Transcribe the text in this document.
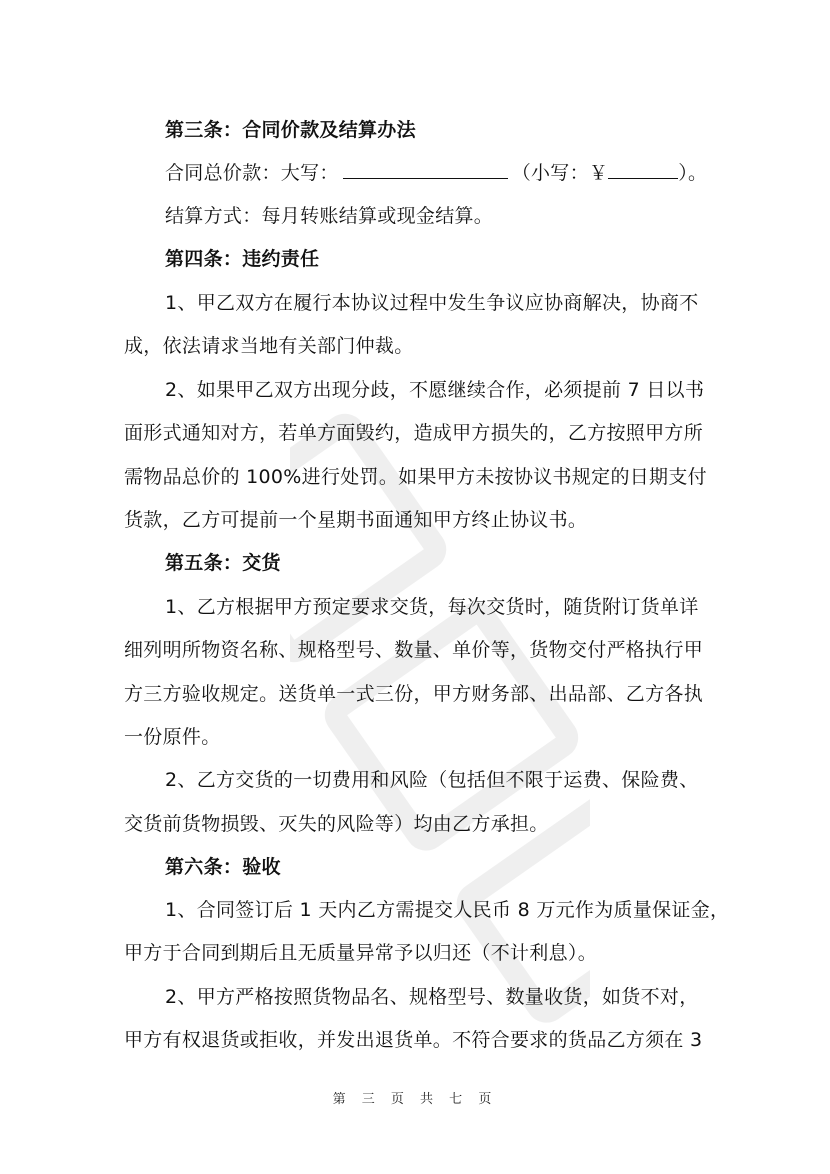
第三条：合同价款及结算办法
合同总价款：大写：	（小写：￥	）。
结算方式：每月转账结算或现金结算。
第四条：违约责任
1、甲乙双方在履行本协议过程中发生争议应协商解决，协商不
成，依法请求当地有关部门仲裁。
2、如果甲乙双方出现分歧，不愿继续合作，必须提前 7 日以书
面形式通知对方，若单方面毁约，造成甲方损失的，乙方按照甲方所
需物品总价的 100%进行处罚。如果甲方未按协议书规定的日期支付
货款，乙方可提前一个星期书面通知甲方终止协议书。
第五条：交货
1、乙方根据甲方预定要求交货，每次交货时，随货附订货单详
细列明所物资名称、规格型号、数量、单价等，货物交付严格执行甲
方三方验收规定。送货单一式三份，甲方财务部、出品部、乙方各执
一份原件。
2、乙方交货的一切费用和风险（包括但不限于运费、保险费、
交货前货物损毁、灭失的风险等）均由乙方承担。
第六条：验收
1、合同签订后 1 天内乙方需提交人民币 8 万元作为质量保证金，
甲方于合同到期后且无质量异常予以归还（不计利息）。
2、甲方严格按照货物品名、规格型号、数量收货，如货不对，
甲方有权退货或拒收，并发出退货单。不符合要求的货品乙方须在 3
第 三 页 共 七 页
